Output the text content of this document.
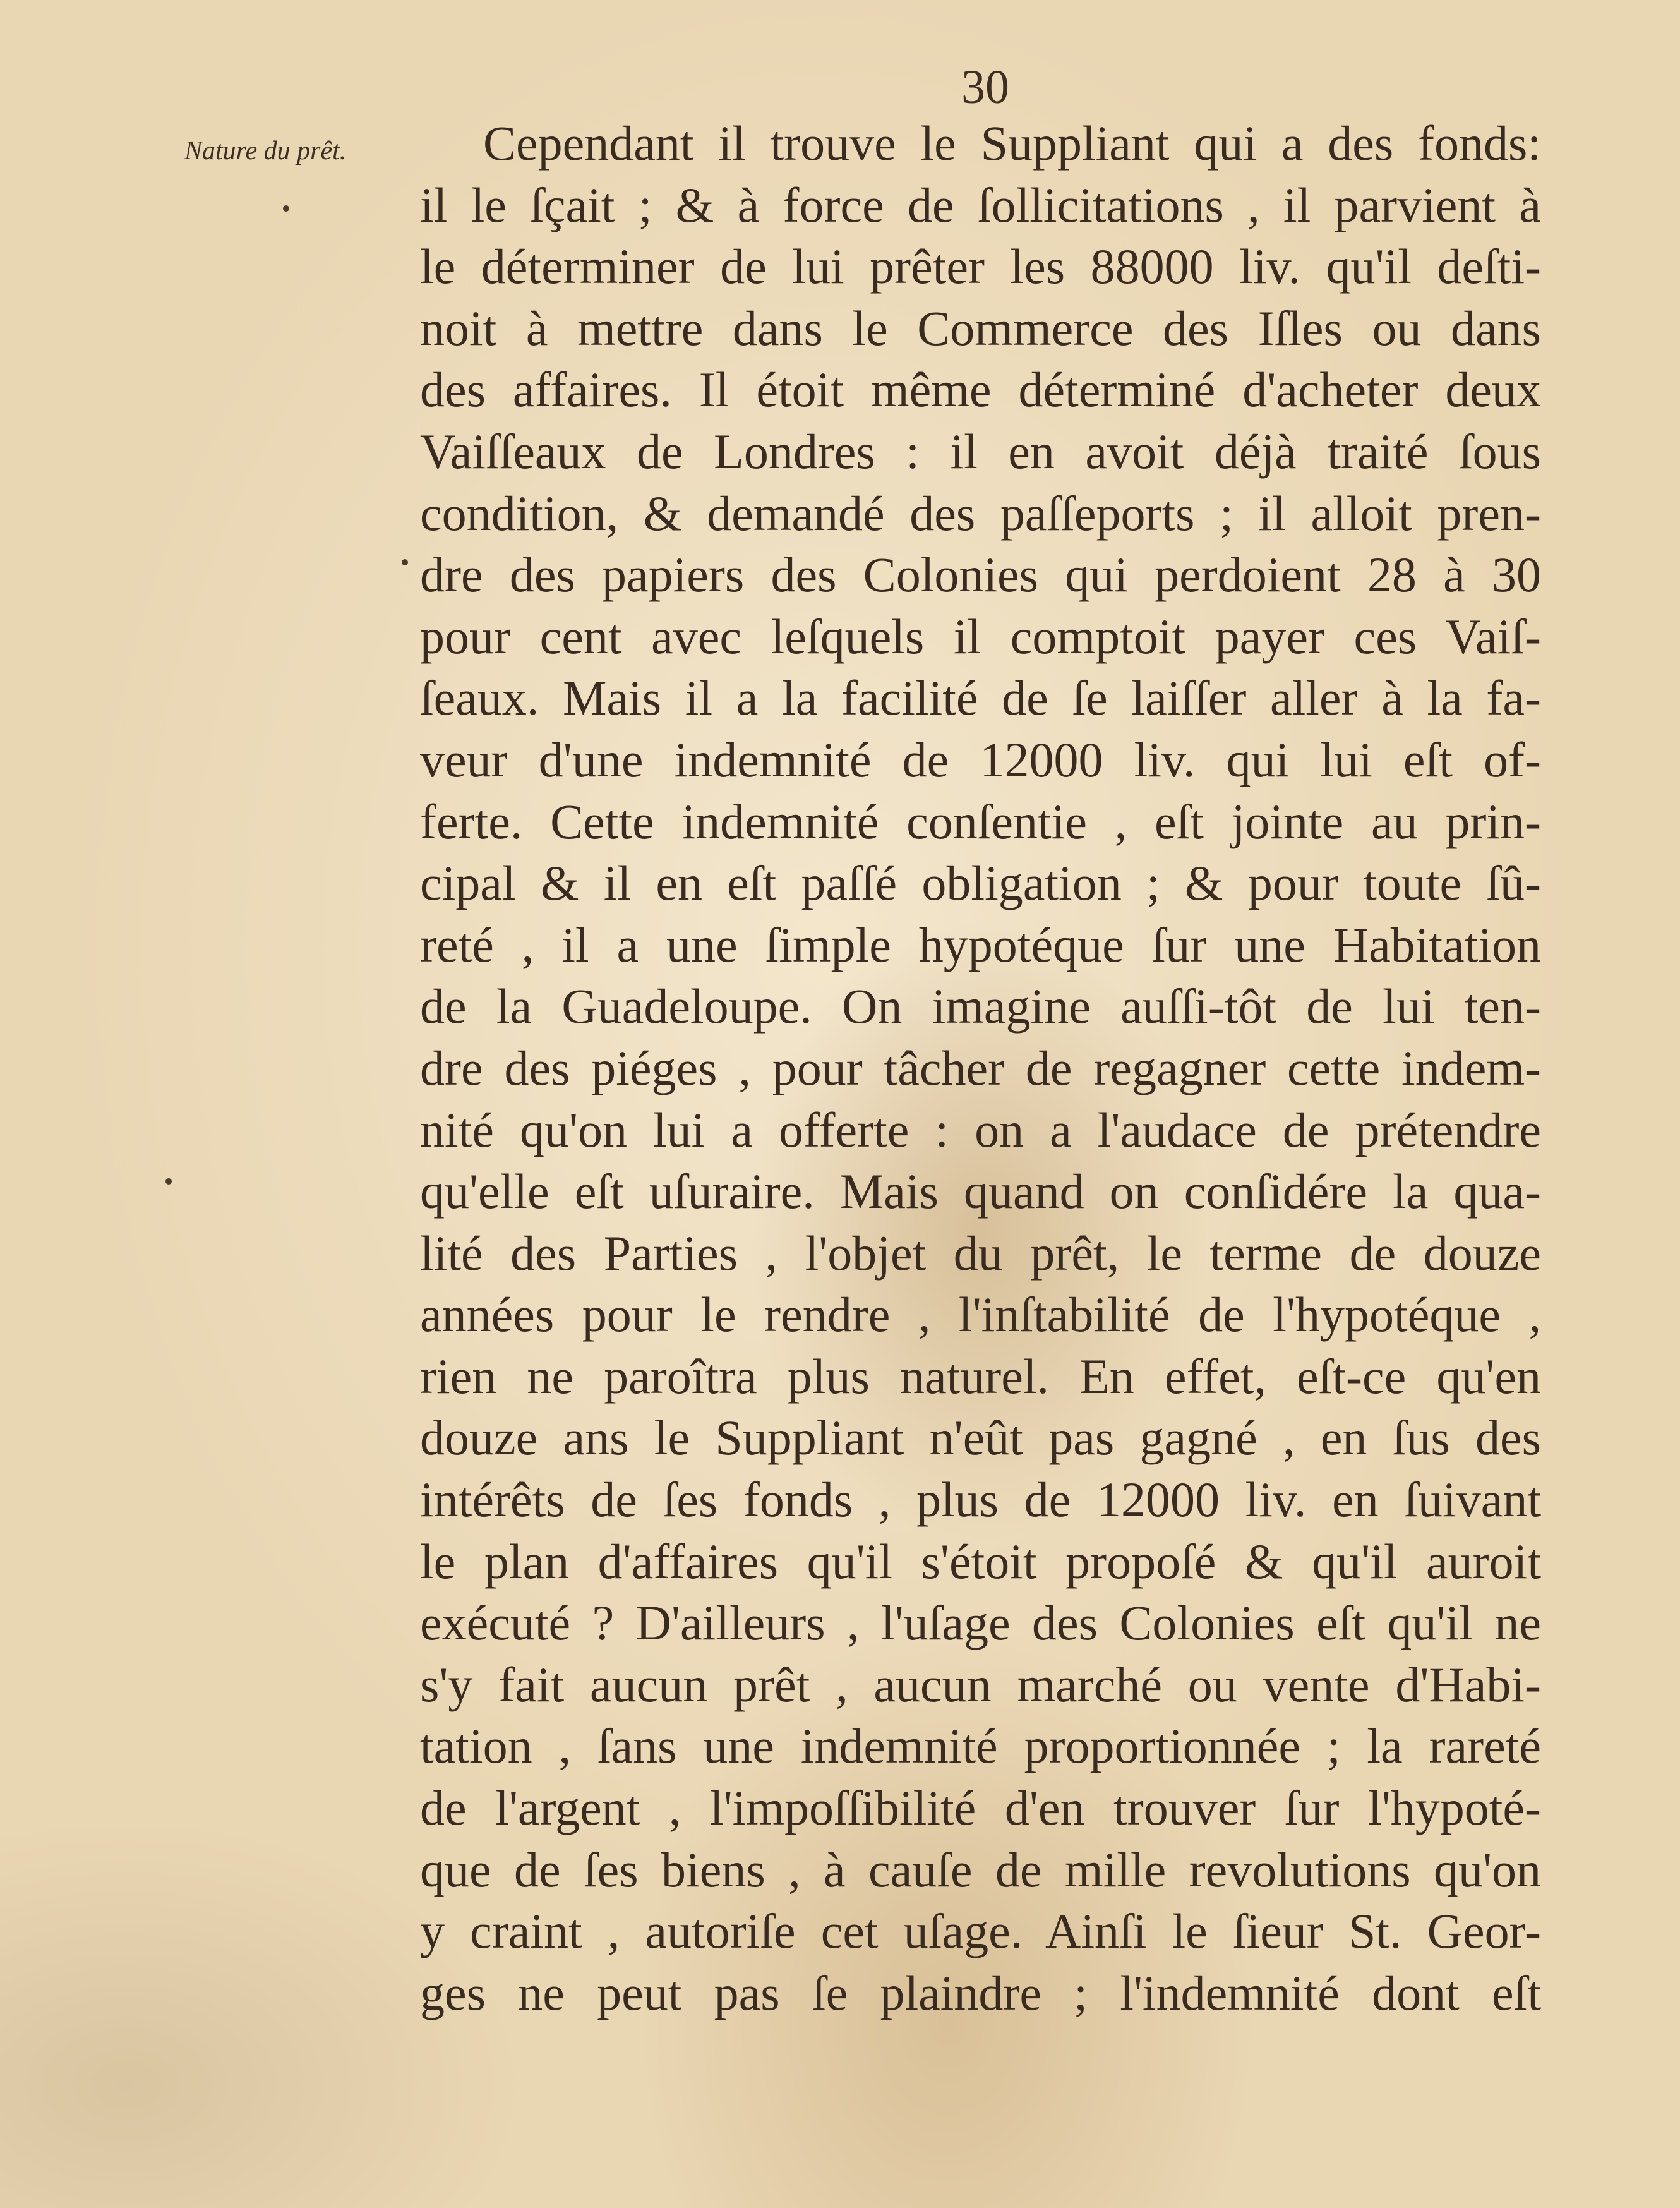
30
Nature du prêt.	Cependant il trouve le Suppliant qui a des fonds:
il le ſçait ; & à force de ſollicitations , il parvient à
le déterminer de lui prêter les 88000 liv. qu'il deſti-
noit à mettre dans le Commerce des Iſles ou dans
des affaires. Il étoit même déterminé d'acheter deux
Vaiſſeaux de Londres : il en avoit déjà traité ſous
condition, & demandé des paſſeports ; il alloit pren-
dre des papiers des Colonies qui perdoient 28 à 30
pour cent avec leſquels il comptoit payer ces Vaiſ-
ſeaux. Mais il a la facilité de ſe laiſſer aller à la fa-
veur d'une indemnité de 12000 liv. qui lui eſt of-
ferte. Cette indemnité conſentie , eſt jointe au prin-
cipal & il en eſt paſſé obligation ; & pour toute ſû-
reté , il a une ſimple hypotéque ſur une Habitation
de la Guadeloupe. On imagine auſſi-tôt de lui ten-
dre des piéges , pour tâcher de regagner cette indem-
nité qu'on lui a offerte : on a l'audace de prétendre
qu'elle eſt uſuraire. Mais quand on conſidére la qua-
lité des Parties , l'objet du prêt, le terme de douze
années pour le rendre , l'inſtabilité de l'hypotéque ,
rien ne paroîtra plus naturel. En effet, eſt-ce qu'en
douze ans le Suppliant n'eût pas gagné , en ſus des
intérêts de ſes fonds , plus de 12000 liv. en ſuivant
le plan d'affaires qu'il s'étoit propoſé & qu'il auroit
exécuté ? D'ailleurs , l'uſage des Colonies eſt qu'il ne
s'y fait aucun prêt , aucun marché ou vente d'Habi-
tation , ſans une indemnité proportionnée ; la rareté
de l'argent , l'impoſſibilité d'en trouver ſur l'hypoté-
que de ſes biens , à cauſe de mille revolutions qu'on
y craint , autoriſe cet uſage. Ainſi le ſieur St. Geor-
ges ne peut pas ſe plaindre ; l'indemnité dont eſt
